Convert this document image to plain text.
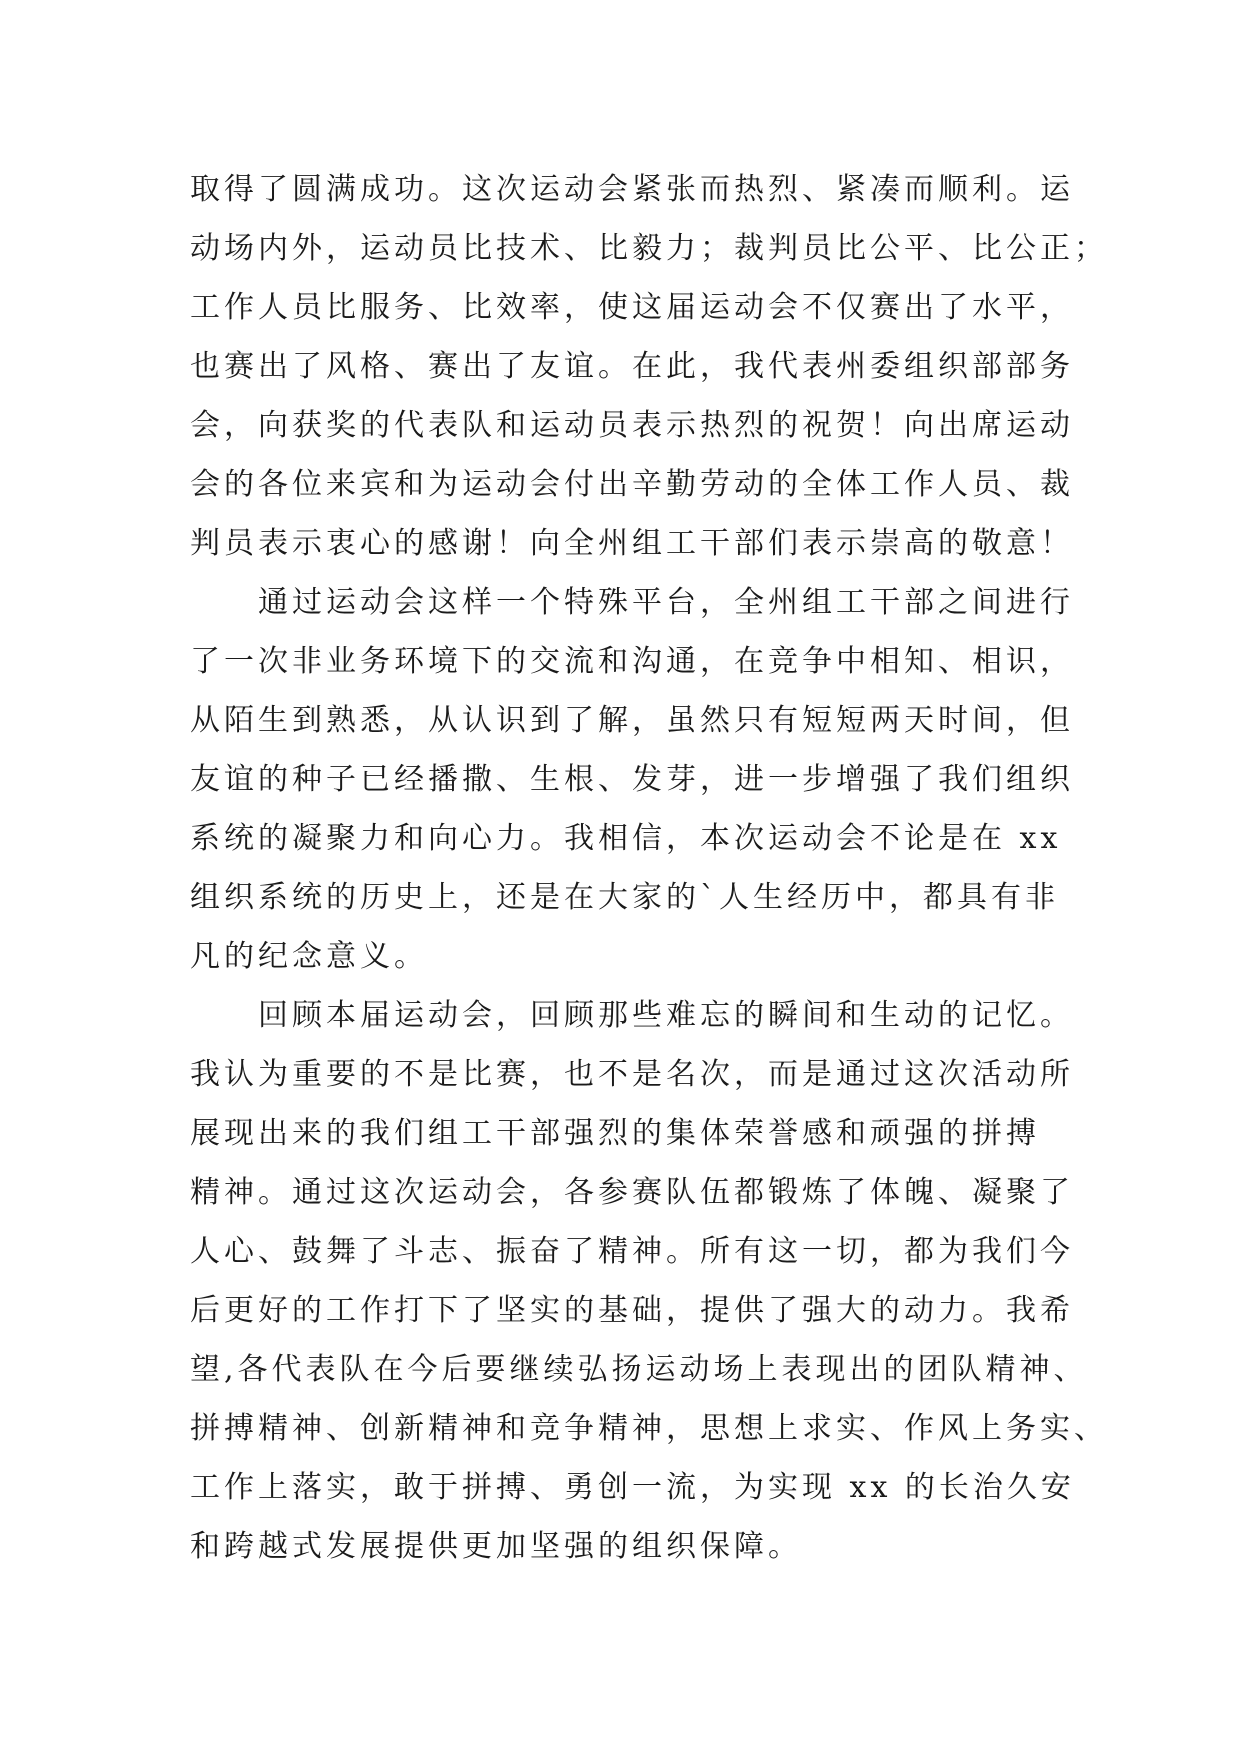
取得了圆满成功。这次运动会紧张而热烈、紧凑而顺利。运
动场内外，运动员比技术、比毅力；裁判员比公平、比公正；
工作人员比服务、比效率，使这届运动会不仅赛出了水平，
也赛出了风格、赛出了友谊。在此，我代表州委组织部部务
会，向获奖的代表队和运动员表示热烈的祝贺！向出席运动
会的各位来宾和为运动会付出辛勤劳动的全体工作人员、裁
判员表示衷心的感谢！向全州组工干部们表示崇高的敬意！
　　通过运动会这样一个特殊平台，全州组工干部之间进行
了一次非业务环境下的交流和沟通，在竞争中相知、相识，
从陌生到熟悉，从认识到了解，虽然只有短短两天时间，但
友谊的种子已经播撒、生根、发芽，进一步增强了我们组织
系统的凝聚力和向心力。我相信，本次运动会不论是在 xx
组织系统的历史上，还是在大家的`人生经历中，都具有非
凡的纪念意义。
　　回顾本届运动会，回顾那些难忘的瞬间和生动的记忆。
我认为重要的不是比赛，也不是名次，而是通过这次活动所
展现出来的我们组工干部强烈的集体荣誉感和顽强的拼搏
精神。通过这次运动会，各参赛队伍都锻炼了体魄、凝聚了
人心、鼓舞了斗志、振奋了精神。所有这一切，都为我们今
后更好的工作打下了坚实的基础，提供了强大的动力。我希
望,各代表队在今后要继续弘扬运动场上表现出的团队精神、
拼搏精神、创新精神和竞争精神，思想上求实、作风上务实、
工作上落实，敢于拼搏、勇创一流，为实现 xx 的长治久安
和跨越式发展提供更加坚强的组织保障。
